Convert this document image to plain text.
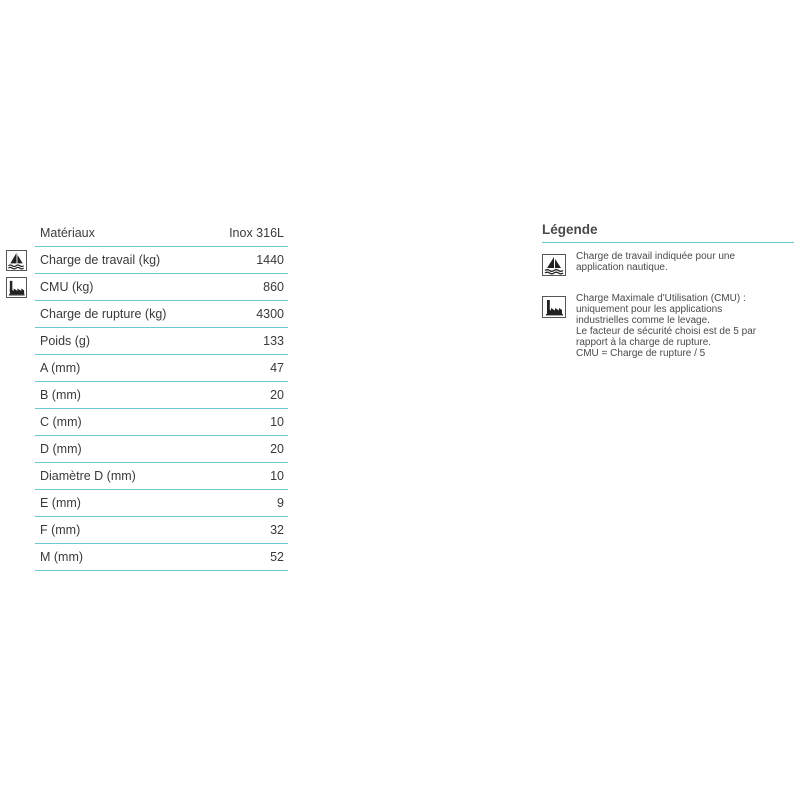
Matériaux	Inox 316L
Charge de travail (kg)	1440
CMU (kg)	860
Charge de rupture (kg)	4300
Poids (g)	133
A (mm)	47
B (mm)	20
C (mm)	10
D (mm)	20
Diamètre D (mm)	10
E (mm)	9
F (mm)	32
M (mm)	52
Légende
Charge de travail indiquée pour une
application nautique.
Charge Maximale d'Utilisation (CMU) :
uniquement pour les applications
industrielles comme le levage.
Le facteur de sécurité choisi est de 5 par
rapport à la charge de rupture.
CMU = Charge de rupture / 5
